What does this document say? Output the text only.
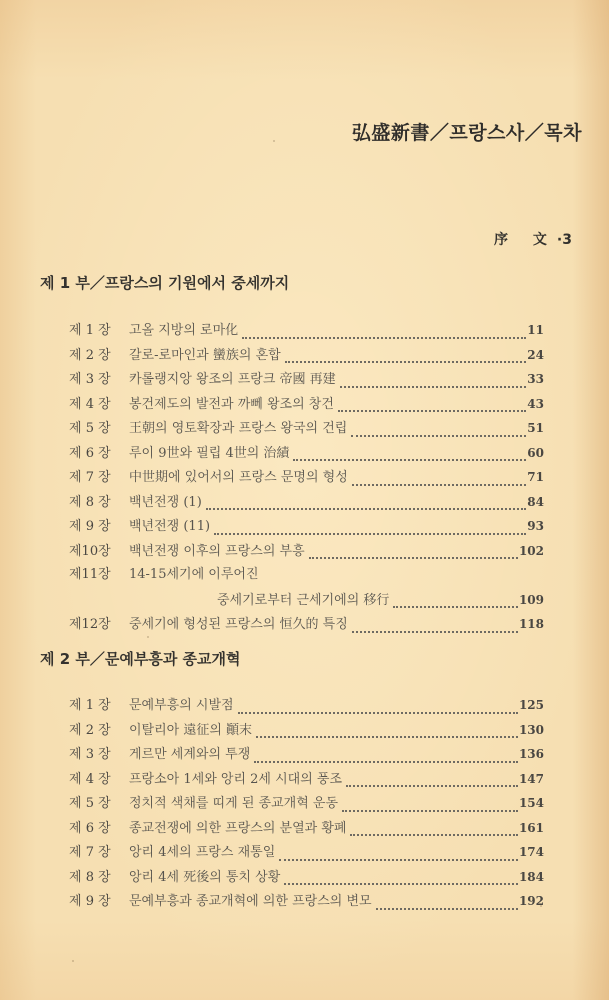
弘盛新書／프랑스사／목차
序 文·3
제 1 부／프랑스의 기원에서 중세까지
제 1 장	고올 지방의 로마化	11
제 2 장	갈로-로마인과 蠻族의 혼합	24
제 3 장	카롤랭지앙 왕조의 프랑크 帝國 再建	33
제 4 장	봉건제도의 발전과 까뻬 왕조의 창건	43
제 5 장	王朝의 영토확장과 프랑스 왕국의 건립	51
제 6 장	루이 9世와 필립 4世의 治績	60
제 7 장	中世期에 있어서의 프랑스 문명의 형성	71
제 8 장	백년전쟁 (1)	84
제 9 장	백년전쟁 (11)	93
제10장	백년전쟁 이후의 프랑스의 부흥	102
제11장	14-15세기에 이루어진
중세기로부터 근세기에의 移行	109
제12장	중세기에 형성된 프랑스의 恒久的 특징	118
제 2 부／문예부흥과 종교개혁
제 1 장	문예부흥의 시발점	125
제 2 장	이탈리아 遠征의 顚末	130
제 3 장	게르만 세계와의 투쟁	136
제 4 장	프랑소아 1세와 앙리 2세 시대의 풍조	147
제 5 장	정치적 색채를 띠게 된 종교개혁 운동	154
제 6 장	종교전쟁에 의한 프랑스의 분열과 황폐	161
제 7 장	앙리 4세의 프랑스 재통일	174
제 8 장	앙리 4세 死後의 통치 상황	184
제 9 장	문예부흥과 종교개혁에 의한 프랑스의 변모	192
